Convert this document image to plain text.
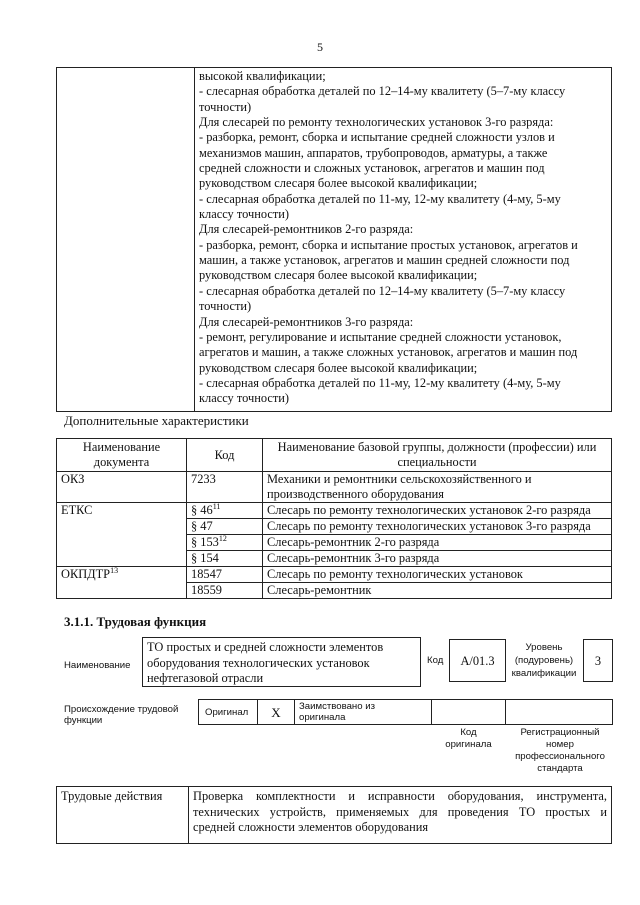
5
высокой квалификации;
- слесарная обработка деталей по 12–14-му квалитету (5–7-му классу
точности)
Для слесарей по ремонту технологических установок 3-го разряда:
- разборка, ремонт, сборка и испытание средней сложности узлов и
механизмов машин, аппаратов, трубопроводов, арматуры, а также
средней сложности и сложных установок, агрегатов и машин под
руководством слесаря более высокой квалификации;
- слесарная обработка деталей по 11-му, 12-му квалитету (4-му, 5-му
классу точности)
Для слесарей-ремонтников 2-го разряда:
- разборка, ремонт, сборка и испытание простых установок, агрегатов и
машин, а также установок, агрегатов и машин средней сложности под
руководством слесаря более высокой квалификации;
- слесарная обработка деталей по 12–14-му квалитету (5–7-му классу
точности)
Для слесарей-ремонтников 3-го разряда:
- ремонт, регулирование и испытание средней сложности установок,
агрегатов и машин, а также сложных установок, агрегатов и машин под
руководством слесаря более высокой квалификации;
- слесарная обработка деталей по 11-му, 12-му квалитету (4-му, 5-му
классу точности)
Дополнительные характеристики
Наименование документа	Код	Наименование базовой группы, должности (профессии) или специальности
ОКЗ	7233	Механики и ремонтники сельскохозяйственного и производственного оборудования
ЕТКС	§ $46^{11}$	Слесарь по ремонту технологических установок 2-го разряда
	§ 47	Слесарь по ремонту технологических установок 3-го разряда
	§ $153^{12}$	Слесарь-ремонтник 2-го разряда
	§ 154	Слесарь-ремонтник 3-го разряда
ОКПДТР$^{13}$	18547	Слесарь по ремонту технологических установок
	18559	Слесарь-ремонтник
3.1.1. Трудовая функция
Наименование
ТО простых и средней сложности элементов
оборудования технологических установок
нефтегазовой отрасли
Код	A/01.3
Уровень
(подуровень)
квалификации
3
Происхождение трудовой
функции
Оригинал	X	Заимствовано из
оригинала
Код
оригинала
Регистрационный
номер
профессионального
стандарта
Трудовые действия	Проверка комплектности и исправности оборудования, инструмента,
технических устройств, применяемых для проведения ТО простых и
средней сложности элементов оборудования
